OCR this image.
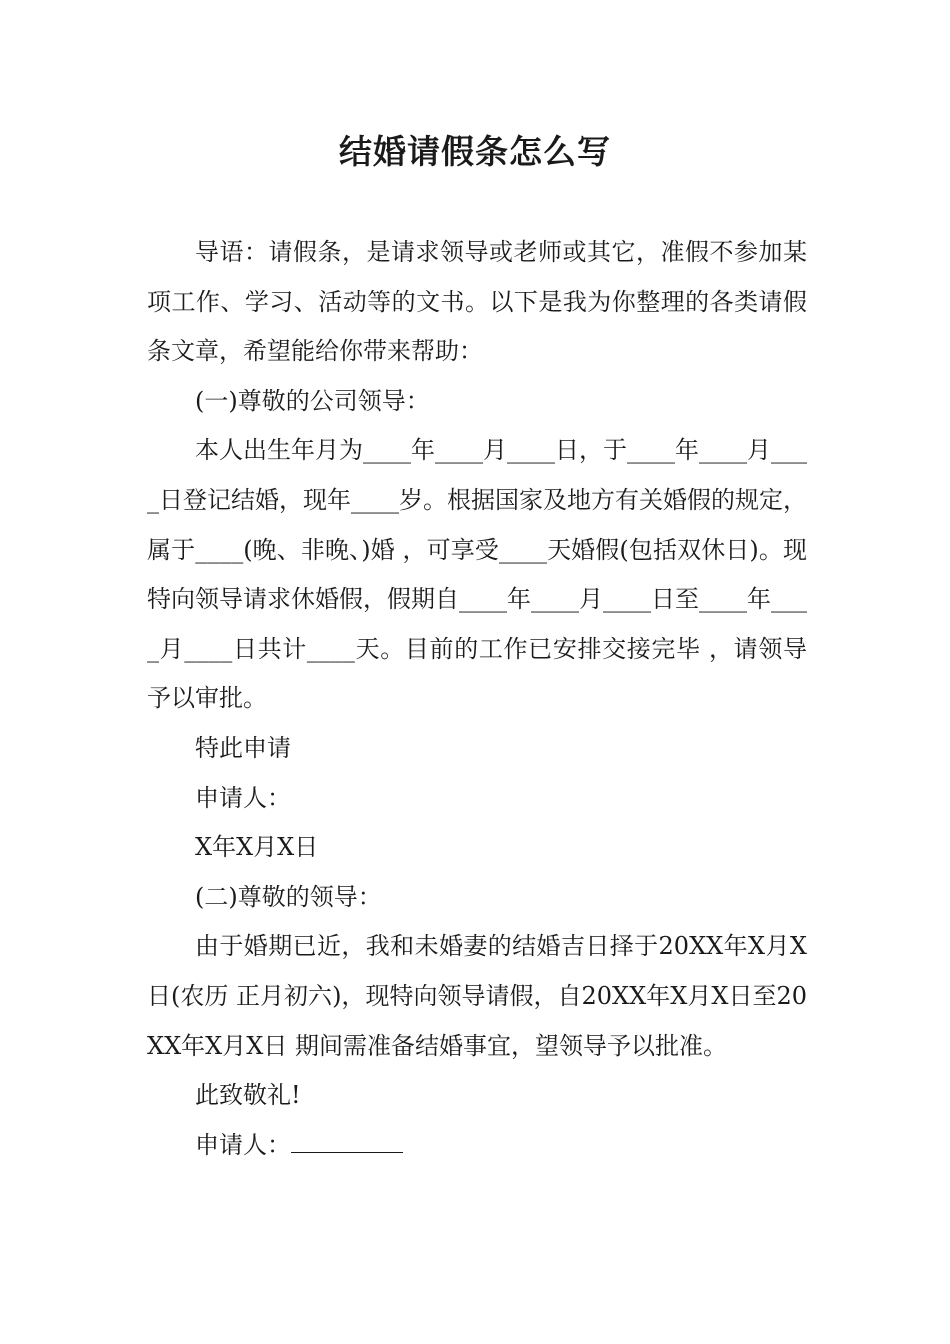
结婚请假条怎么写

导语：请假条，是请求领导或老师或其它，准假不参加某项工作、学习、活动等的文书。以下是我为你整理的各类请假条文章，希望能给你带来帮助：

(一)尊敬的公司领导：

本人出生年月为____年____月____日，于____年____月____日登记结婚，现年____岁。根据国家及地方有关婚假的规定，属于____(晚、非晚、)婚 ，可享受____天婚假(包括双休日)。现特向领导请求休婚假，假期自____年____月____日至____年____月____日共计____天。目前的工作已安排交接完毕 ，请领导予以审批。

特此申请

申请人：

X年X月X日

(二)尊敬的领导：

由于婚期已近，我和未婚妻的结婚吉日择于20XX年X月X日(农历 正月初六)，现特向领导请假，自20XX年X月X日至20XX年X月X日 期间需准备结婚事宜，望领导予以批准。

此致敬礼!

申请人：
